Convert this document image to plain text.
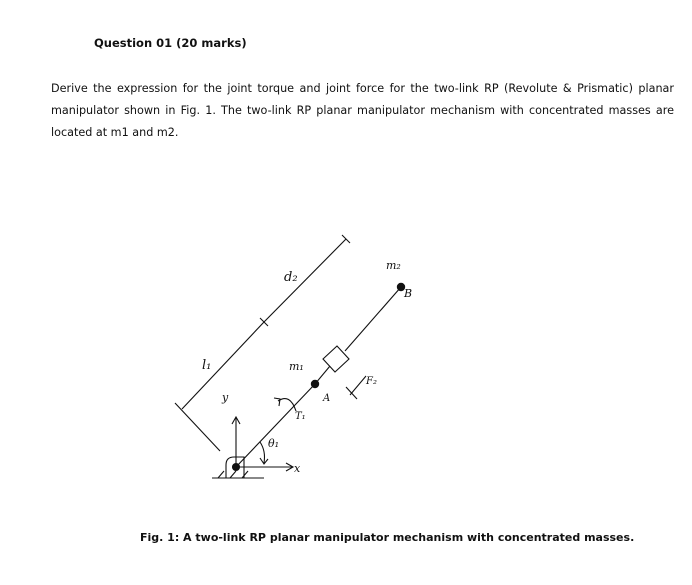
Question 01 (20 marks)
Derive the expression for the joint torque and joint force for the two-link RP (Revolute & Prismatic) planar manipulator shown in Fig. 1. The two-link RP planar manipulator mechanism with concentrated masses are located at m1 and m2.
l₁
d₂
m₂
B
m₁
A
F₂
T₁
θ₁
y
x
Fig. 1: A two-link RP planar manipulator mechanism with concentrated masses.
